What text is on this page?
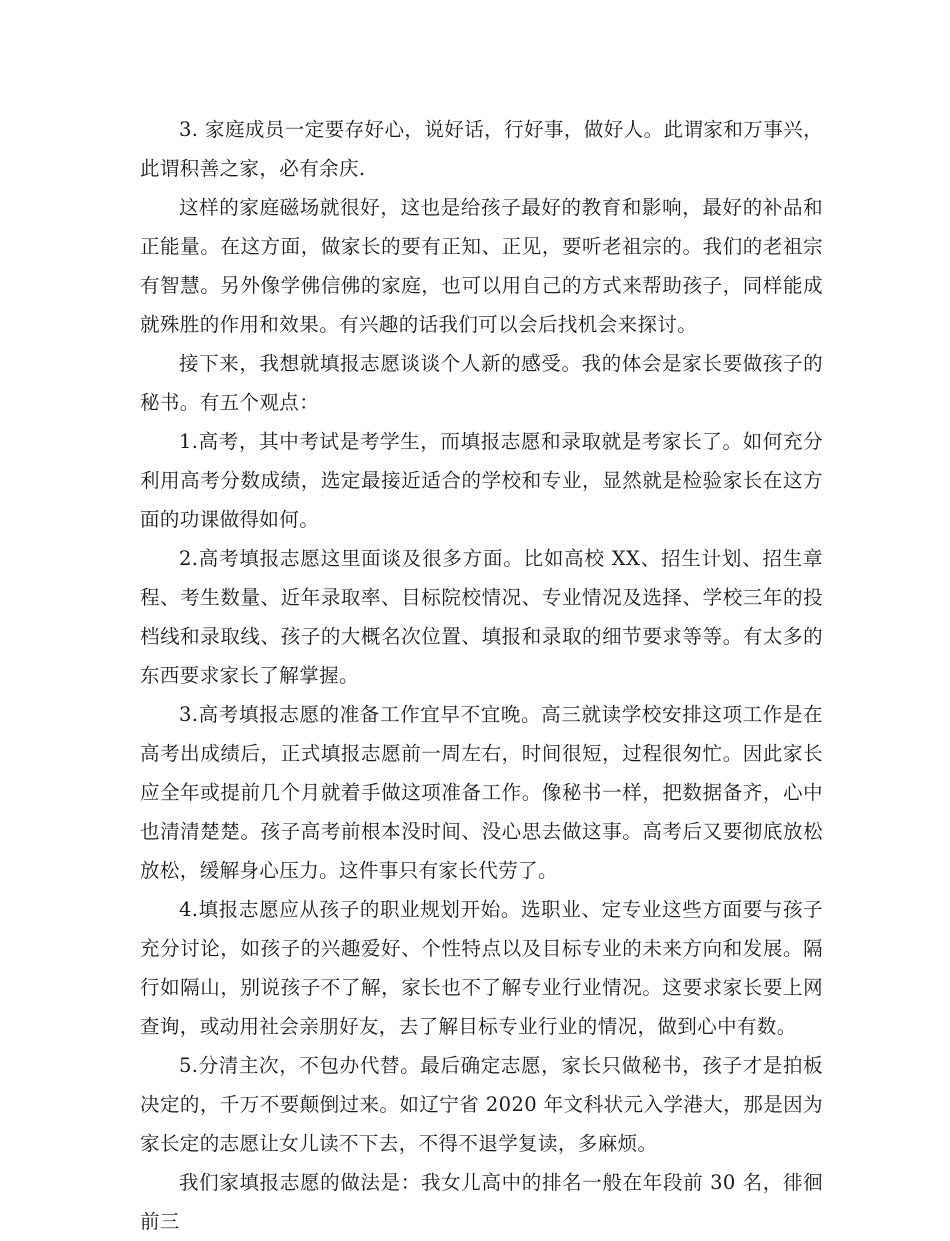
3. 家庭成员一定要存好心，说好话，行好事，做好人。此谓家和万事兴，此谓积善之家，必有余庆.

这样的家庭磁场就很好，这也是给孩子最好的教育和影响，最好的补品和正能量。在这方面，做家长的要有正知、正见，要听老祖宗的。我们的老祖宗有智慧。另外像学佛信佛的家庭，也可以用自己的方式来帮助孩子，同样能成就殊胜的作用和效果。有兴趣的话我们可以会后找机会来探讨。

接下来，我想就填报志愿谈谈个人新的感受。我的体会是家长要做孩子的秘书。有五个观点：

1.高考，其中考试是考学生，而填报志愿和录取就是考家长了。如何充分利用高考分数成绩，选定最接近适合的学校和专业，显然就是检验家长在这方面的功课做得如何。

2.高考填报志愿这里面谈及很多方面。比如高校 XX、招生计划、招生章程、考生数量、近年录取率、目标院校情况、专业情况及选择、学校三年的投档线和录取线、孩子的大概名次位置、填报和录取的细节要求等等。有太多的东西要求家长了解掌握。

3.高考填报志愿的准备工作宜早不宜晚。高三就读学校安排这项工作是在高考出成绩后，正式填报志愿前一周左右，时间很短，过程很匆忙。因此家长应全年或提前几个月就着手做这项准备工作。像秘书一样，把数据备齐，心中也清清楚楚。孩子高考前根本没时间、没心思去做这事。高考后又要彻底放松放松，缓解身心压力。这件事只有家长代劳了。

4.填报志愿应从孩子的职业规划开始。选职业、定专业这些方面要与孩子充分讨论，如孩子的兴趣爱好、个性特点以及目标专业的未来方向和发展。隔行如隔山，别说孩子不了解，家长也不了解专业行业情况。这要求家长要上网查询，或动用社会亲朋好友，去了解目标专业行业的情况，做到心中有数。

5.分清主次，不包办代替。最后确定志愿，家长只做秘书，孩子才是拍板决定的，千万不要颠倒过来。如辽宁省 2020 年文科状元入学港大，那是因为家长定的志愿让女儿读不下去，不得不退学复读，多麻烦。

我们家填报志愿的做法是：我女儿高中的排名一般在年段前 30 名，徘徊前三
